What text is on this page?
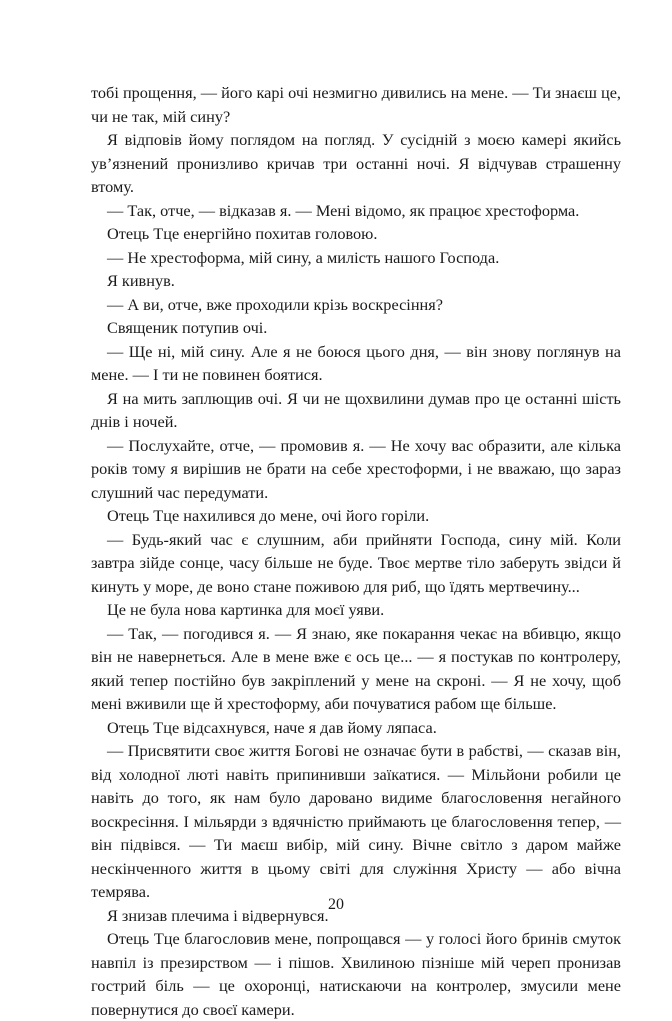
тобі прощення, — його карі очі незмигно дивились на мене. — Ти знаєш це, чи не так, мій сину?

Я відповів йому поглядом на погляд. У сусідній з моєю камері якийсь ув’язнений пронизливо кричав три останні ночі. Я відчував страшенну втому.

— Так, отче, — відказав я. — Мені відомо, як працює хрестоформа.

Отець Тце енергійно похитав головою.

— Не хрестоформа, мій сину, а милість нашого Господа.

Я кивнув.

— А ви, отче, вже проходили крізь воскресіння?

Священик потупив очі.

— Ще ні, мій сину. Але я не боюся цього дня, — він знову поглянув на мене. — І ти не повинен боятися.

Я на мить заплющив очі. Я чи не щохвилини думав про це останні шість днів і ночей.

— Послухайте, отче, — промовив я. — Не хочу вас образити, але кілька років тому я вирішив не брати на себе хрестоформи, і не вважаю, що зараз слушний час передумати.

Отець Тце нахилився до мене, очі його горіли.

— Будь-який час є слушним, аби прийняти Господа, сину мій. Коли завтра зійде сонце, часу більше не буде. Твоє мертве тіло заберуть звідси й кинуть у море, де воно стане поживою для риб, що їдять мертвечину...

Це не була нова картинка для моєї уяви.

— Так, — погодився я. — Я знаю, яке покарання чекає на вбивцю, якщо він не навернеться. Але в мене вже є ось це... — я постукав по контролеру, який тепер постійно був закріплений у мене на скроні. — Я не хочу, щоб мені вживили ще й хрестоформу, аби почуватися рабом ще більше.

Отець Тце відсахнувся, наче я дав йому ляпаса.

— Присвятити своє життя Богові не означає бути в рабстві, — сказав він, від холодної люті навіть припинивши заїкатися. — Мільйони робили це навіть до того, як нам було даровано видиме благословення негайного воскресіння. І мільярди з вдячністю приймають це благословення тепер, — він підвівся. — Ти маєш вибір, мій сину. Вічне світло з даром майже нескінченного життя в цьому світі для служіння Христу — або вічна темрява.

Я знизав плечима і відвернувся.

Отець Тце благословив мене, попрощався — у голосі його бринів смуток навпіл із презирством — і пішов. Хвилиною пізніше мій череп пронизав гострий біль — це охоронці, натискаючи на контролер, змусили мене повернутися до своєї камери.

20
